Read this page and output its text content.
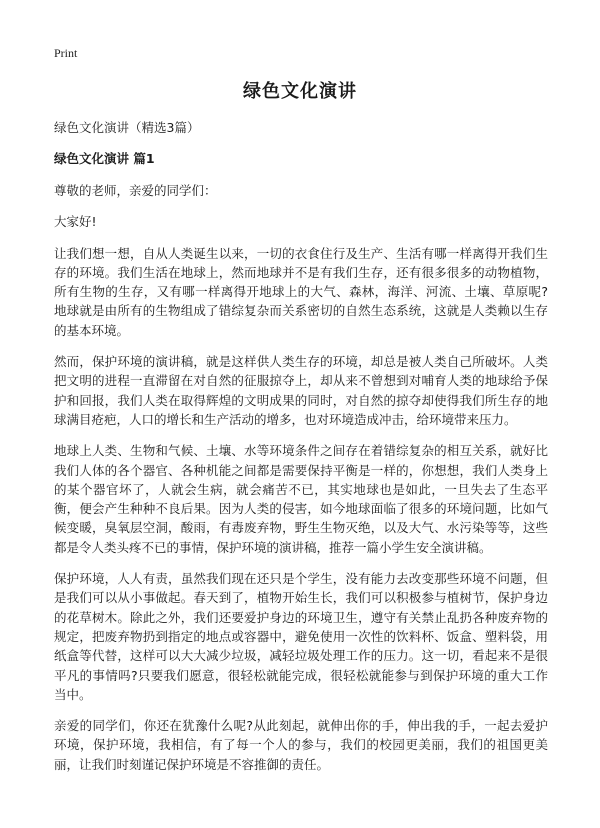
Print
绿色文化演讲
绿色文化演讲（精选3篇）
绿色文化演讲 篇1

尊敬的老师，亲爱的同学们：

大家好!

让我们想一想，自从人类诞生以来，一切的衣食住行及生产、生活有哪一样离得开我们生存的环境。我们生活在地球上，然而地球并不是有我们生存，还有很多很多的动物植物，所有生物的生存，又有哪一样离得开地球上的大气、森林，海洋、河流、土壤、草原呢?地球就是由所有的生物组成了错综复杂而关系密切的自然生态系统，这就是人类赖以生存的基本环境。

然而，保护环境的演讲稿，就是这样供人类生存的环境，却总是被人类自己所破坏。人类把文明的进程一直滞留在对自然的征服掠夺上，却从来不曾想到对哺育人类的地球给予保护和回报，我们人类在取得辉煌的文明成果的同时，对自然的掠夺却使得我们所生存的地球满目疮疤，人口的增长和生产活动的增多，也对环境造成冲击，给环境带来压力。

地球上人类、生物和气候、土壤、水等环境条件之间存在着错综复杂的相互关系，就好比我们人体的各个器官、各种机能之间都是需要保持平衡是一样的，你想想，我们人类身上的某个器官坏了，人就会生病，就会痛苦不已，其实地球也是如此，一旦失去了生态平衡，便会产生种种不良后果。因为人类的侵害，如今地球面临了很多的环境问题，比如气候变暖，臭氧层空洞，酸雨，有毒废弃物，野生生物灭绝，以及大气、水污染等等，这些都是令人类头疼不已的事情，保护环境的演讲稿，推荐一篇小学生安全演讲稿。

保护环境，人人有责，虽然我们现在还只是个学生，没有能力去改变那些环境不问题，但是我们可以从小事做起。春天到了，植物开始生长，我们可以积极参与植树节，保护身边的花草树木。除此之外，我们还要爱护身边的环境卫生，遵守有关禁止乱扔各种废弃物的规定，把废弃物扔到指定的地点或容器中，避免使用一次性的饮料杯、饭盒、塑料袋，用纸盒等代替，这样可以大大减少垃圾，减轻垃圾处理工作的压力。这一切，看起来不是很平凡的事情吗?只要我们愿意，很轻松就能完成，很轻松就能参与到保护环境的重大工作当中。

亲爱的同学们，你还在犹豫什么呢?从此刻起，就伸出你的手，伸出我的手，一起去爱护环境，保护环境，我相信，有了每一个人的参与，我们的校园更美丽，我们的祖国更美丽，让我们时刻谨记保护环境是不容推御的责任。
